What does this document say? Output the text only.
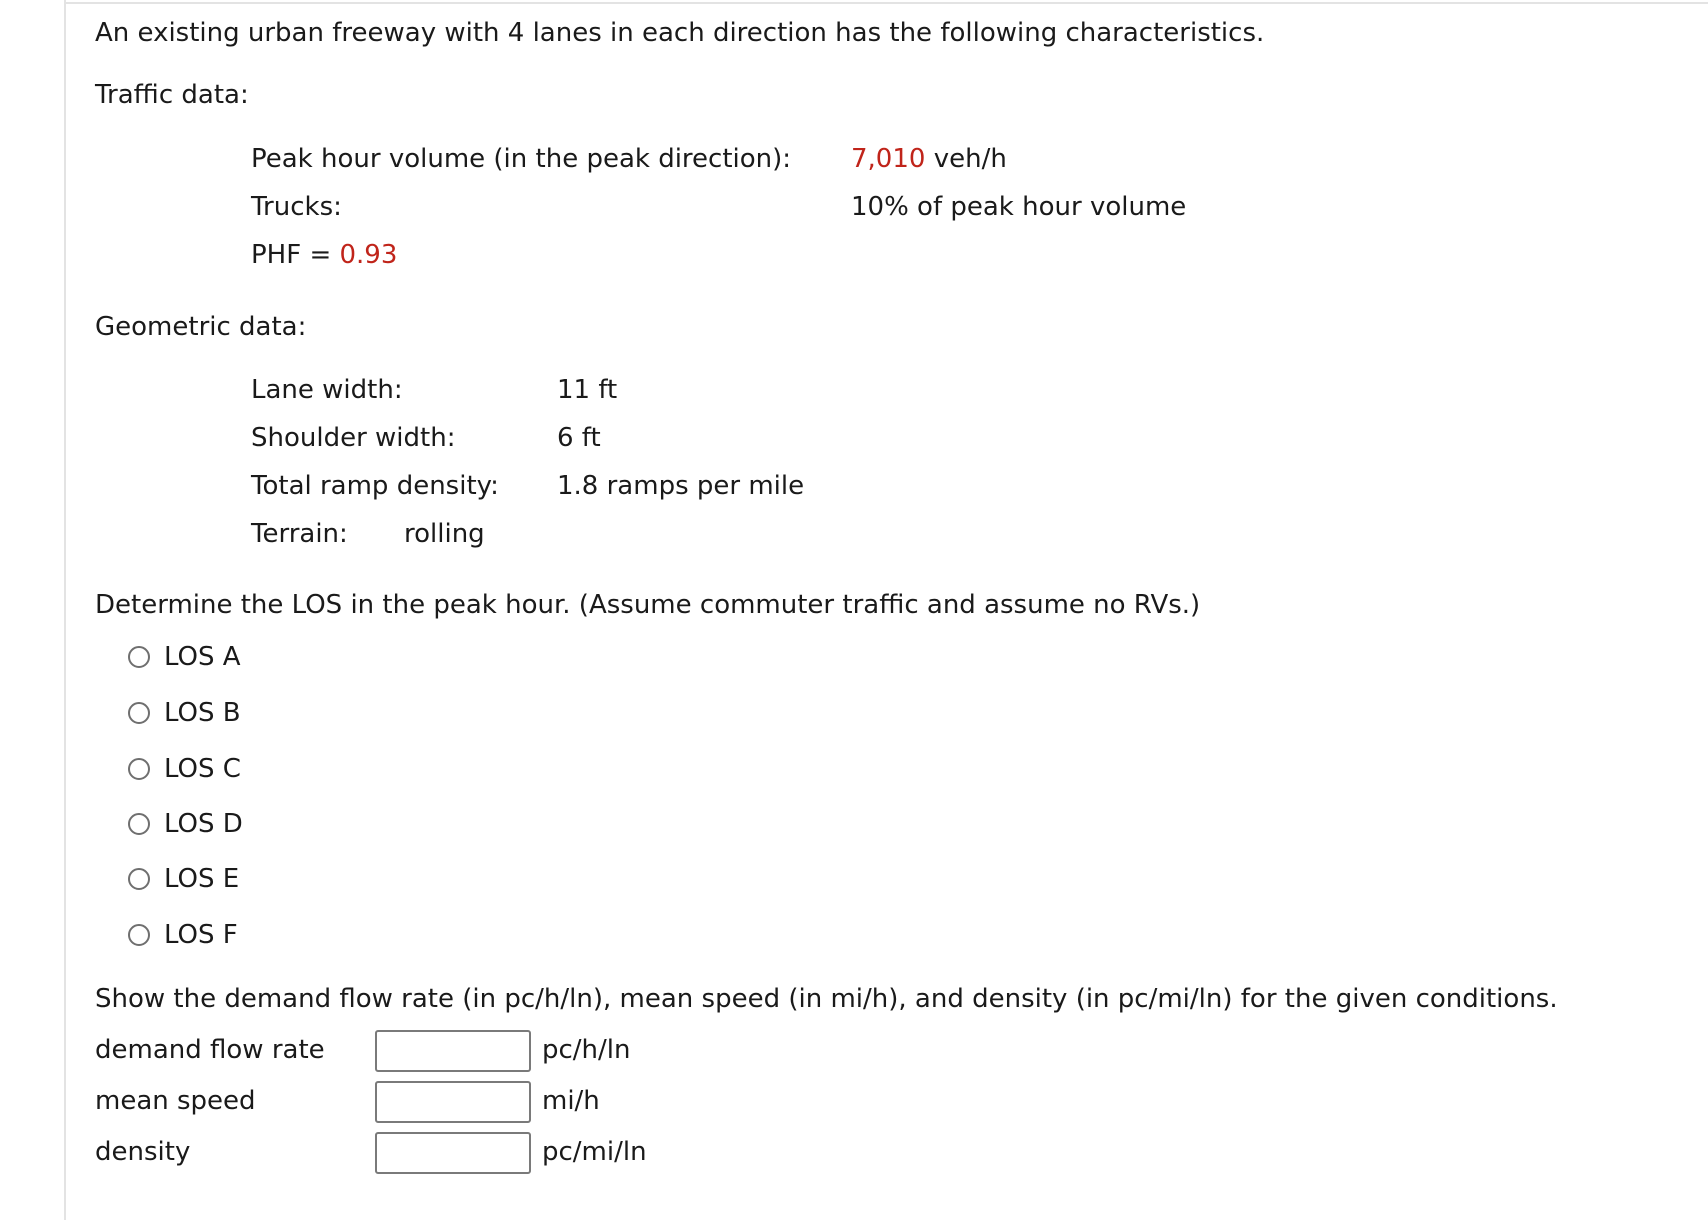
An existing urban freeway with 4 lanes in each direction has the following characteristics.
Traffic data:
Peak hour volume (in the peak direction): 7,010 veh/h
Trucks:	10% of peak hour volume
PHF = 0.93
Geometric data:
Lane width:	11 ft
Shoulder width:	6 ft
Total ramp density: 1.8 ramps per mile
Terrain: rolling
Determine the LOS in the peak hour. (Assume commuter traffic and assume no RVs.)
LOS A
LOS B
LOS C
LOS D
LOS E
LOS F
Show the demand flow rate (in pc/h/ln), mean speed (in mi/h), and density (in pc/mi/ln) for the given conditions.
demand flow rate	pc/h/ln
mean speed	mi/h
density	pc/mi/ln
